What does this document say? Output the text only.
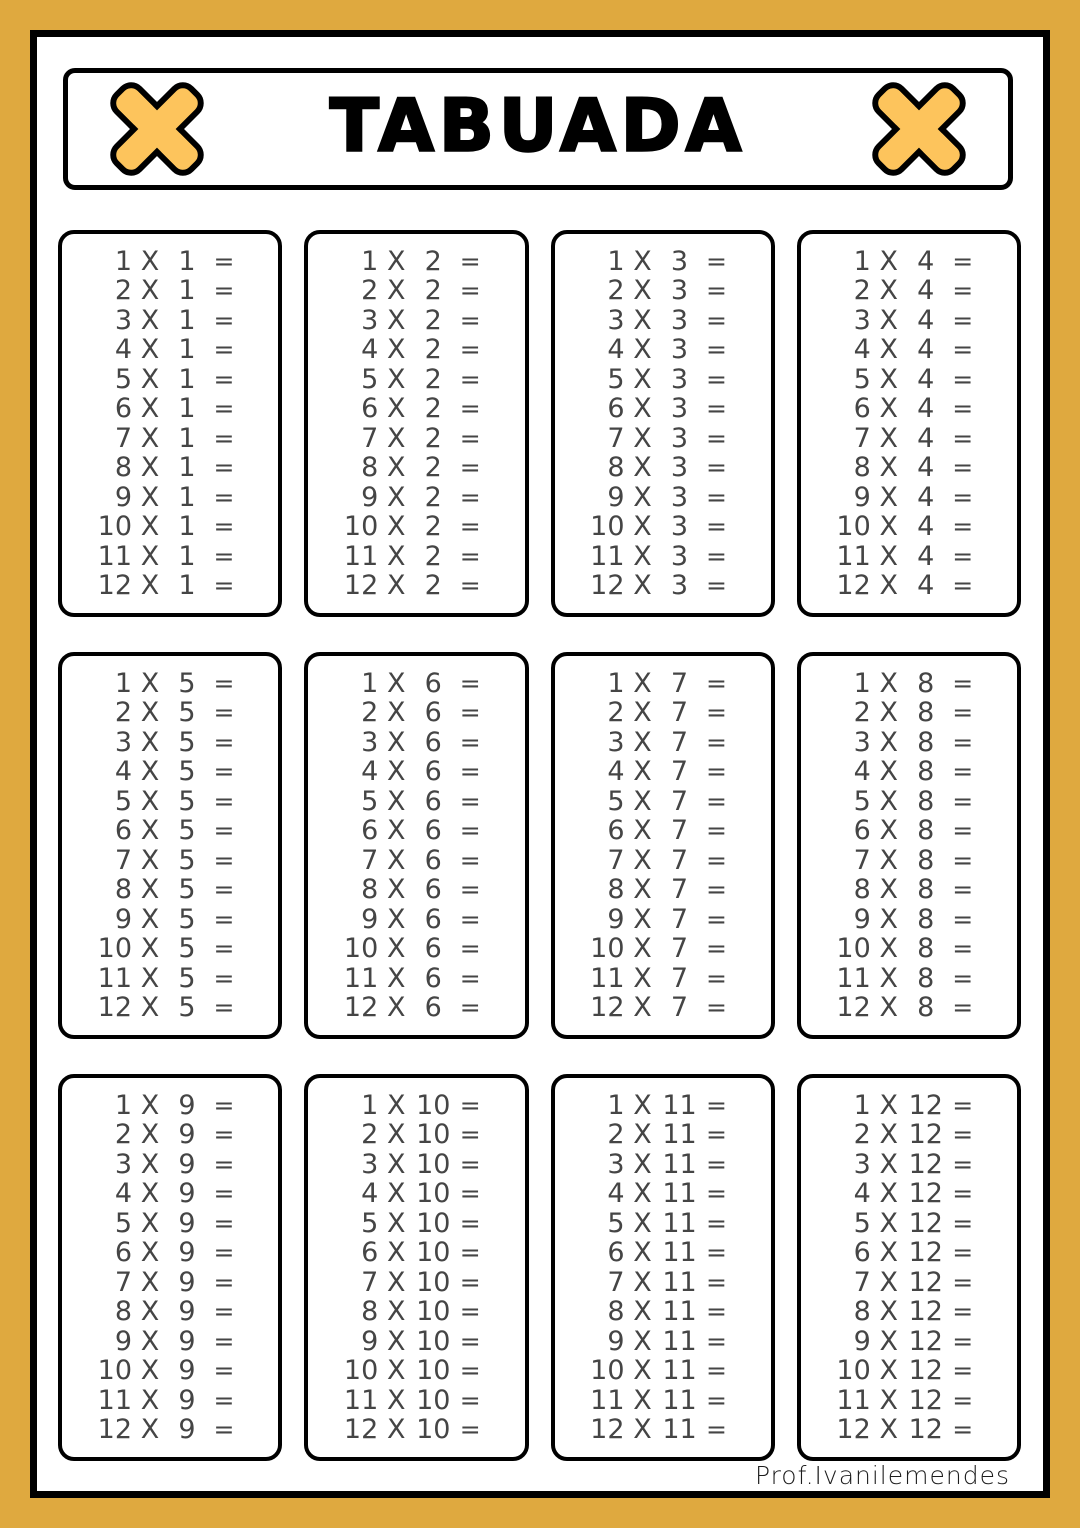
TABUADA
1 X 1 =
2 X 1 =
3 X 1 =
4 X 1 =
5 X 1 =
6 X 1 =
7 X 1 =
8 X 1 =
9 X 1 =
10 X 1 =
11 X 1 =
12 X 1 =
1 X 2 =
2 X 2 =
3 X 2 =
4 X 2 =
5 X 2 =
6 X 2 =
7 X 2 =
8 X 2 =
9 X 2 =
10 X 2 =
11 X 2 =
12 X 2 =
1 X 3 =
2 X 3 =
3 X 3 =
4 X 3 =
5 X 3 =
6 X 3 =
7 X 3 =
8 X 3 =
9 X 3 =
10 X 3 =
11 X 3 =
12 X 3 =
1 X 4 =
2 X 4 =
3 X 4 =
4 X 4 =
5 X 4 =
6 X 4 =
7 X 4 =
8 X 4 =
9 X 4 =
10 X 4 =
11 X 4 =
12 X 4 =
1 X 5 =
2 X 5 =
3 X 5 =
4 X 5 =
5 X 5 =
6 X 5 =
7 X 5 =
8 X 5 =
9 X 5 =
10 X 5 =
11 X 5 =
12 X 5 =
1 X 6 =
2 X 6 =
3 X 6 =
4 X 6 =
5 X 6 =
6 X 6 =
7 X 6 =
8 X 6 =
9 X 6 =
10 X 6 =
11 X 6 =
12 X 6 =
1 X 7 =
2 X 7 =
3 X 7 =
4 X 7 =
5 X 7 =
6 X 7 =
7 X 7 =
8 X 7 =
9 X 7 =
10 X 7 =
11 X 7 =
12 X 7 =
1 X 8 =
2 X 8 =
3 X 8 =
4 X 8 =
5 X 8 =
6 X 8 =
7 X 8 =
8 X 8 =
9 X 8 =
10 X 8 =
11 X 8 =
12 X 8 =
1 X 9 =
2 X 9 =
3 X 9 =
4 X 9 =
5 X 9 =
6 X 9 =
7 X 9 =
8 X 9 =
9 X 9 =
10 X 9 =
11 X 9 =
12 X 9 =
1 X 10 =
2 X 10 =
3 X 10 =
4 X 10 =
5 X 10 =
6 X 10 =
7 X 10 =
8 X 10 =
9 X 10 =
10 X 10 =
11 X 10 =
12 X 10 =
1 X 11 =
2 X 11 =
3 X 11 =
4 X 11 =
5 X 11 =
6 X 11 =
7 X 11 =
8 X 11 =
9 X 11 =
10 X 11 =
11 X 11 =
12 X 11 =
1 X 12 =
2 X 12 =
3 X 12 =
4 X 12 =
5 X 12 =
6 X 12 =
7 X 12 =
8 X 12 =
9 X 12 =
10 X 12 =
11 X 12 =
12 X 12 =
Prof.Ivanilemendes
